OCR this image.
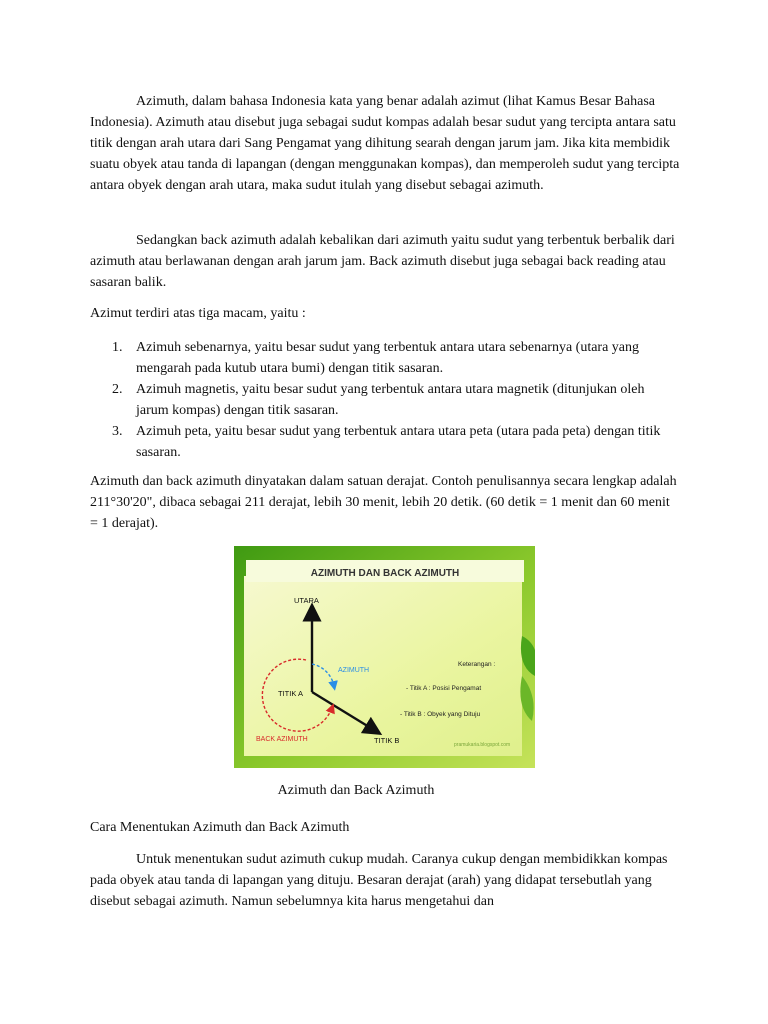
Azimuth, dalam bahasa Indonesia kata yang benar adalah azimut (lihat Kamus Besar Bahasa Indonesia). Azimuth atau disebut juga sebagai sudut kompas adalah besar sudut yang tercipta antara satu titik dengan arah utara dari Sang Pengamat yang dihitung searah dengan jarum jam. Jika kita membidik suatu obyek atau tanda di lapangan (dengan menggunakan kompas), dan memperoleh sudut yang tercipta antara obyek dengan arah utara, maka sudut itulah yang disebut sebagai azimuth.

Sedangkan back azimuth adalah kebalikan dari azimuth yaitu sudut yang terbentuk berbalik dari azimuth atau berlawanan dengan arah jarum jam. Back azimuth disebut juga sebagai back reading atau sasaran balik.

Azimut terdiri atas tiga macam, yaitu :

1. Azimuh sebenarnya, yaitu besar sudut yang terbentuk antara utara sebenarnya (utara yang mengarah pada kutub utara bumi) dengan titik sasaran.
2. Azimuh magnetis, yaitu besar sudut yang terbentuk antara utara magnetik (ditunjukan oleh jarum kompas) dengan titik sasaran.
3. Azimuh peta, yaitu besar sudut yang terbentuk antara utara peta (utara pada peta) dengan titik sasaran.

Azimuth dan back azimuth dinyatakan dalam satuan derajat. Contoh penulisannya secara lengkap adalah 211°30'20", dibaca sebagai 211 derajat, lebih 30 menit, lebih 20 detik. (60 detik = 1 menit dan 60 menit = 1 derajat).

AZIMUTH DAN BACK AZIMUTH
UTARA
TITIK B
AZIMUTH
BACK AZIMUTH
TITIK A
Keterangan :
- Titik A : Posisi Pengamat
- Titik B : Obyek yang Dituju
pramukaria.blogspot.com
Azimuth dan Back Azimuth

Cara Menentukan Azimuth dan Back Azimuth

Untuk menentukan sudut azimuth cukup mudah. Caranya cukup dengan membidikkan kompas pada obyek atau tanda di lapangan yang dituju. Besaran derajat (arah) yang didapat tersebutlah yang disebut sebagai azimuth. Namun sebelumnya kita harus mengetahui dan
